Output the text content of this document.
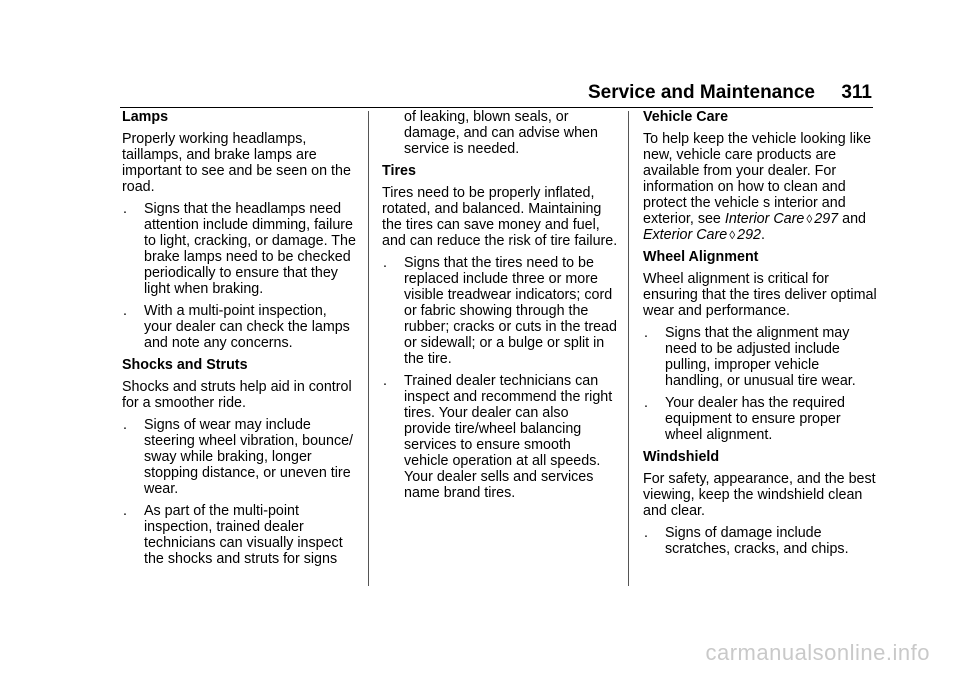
Service and Maintenance 311
Lamps

Properly working headlamps, taillamps, and brake lamps are important to see and be seen on the road.

. Signs that the headlamps need attention include dimming, failure to light, cracking, or damage. The brake lamps need to be checked periodically to ensure that they light when braking.
. With a multi-point inspection, your dealer can check the lamps and note any concerns.
Shocks and Struts

Shocks and struts help aid in control for a smoother ride.

. Signs of wear may include steering wheel vibration, bounce/ sway while braking, longer stopping distance, or uneven tire wear.
. As part of the multi-point inspection, trained dealer technicians can visually inspect the shocks and struts for signs
of leaking, blown seals, or damage, and can advise when service is needed.
Tires

Tires need to be properly inflated, rotated, and balanced. Maintaining the tires can save money and fuel, and can reduce the risk of tire failure.

. Signs that the tires need to be replaced include three or more visible treadwear indicators; cord or fabric showing through the rubber; cracks or cuts in the tread or sidewall; or a bulge or split in the tire.
. Trained dealer technicians can inspect and recommend the right tires. Your dealer can also provide tire/wheel balancing services to ensure smooth vehicle operation at all speeds. Your dealer sells and services name brand tires.
Vehicle Care

To help keep the vehicle looking like new, vehicle care products are available from your dealer. For information on how to clean and protect the vehicle s interior and exterior, see Interior Care ◊ 297 and Exterior Care ◊ 292.

Wheel Alignment

Wheel alignment is critical for ensuring that the tires deliver optimal wear and performance.

. Signs that the alignment may need to be adjusted include pulling, improper vehicle handling, or unusual tire wear.
. Your dealer has the required equipment to ensure proper wheel alignment.
Windshield

For safety, appearance, and the best viewing, keep the windshield clean and clear.

. Signs of damage include scratches, cracks, and chips.
carmanualsonline.info
